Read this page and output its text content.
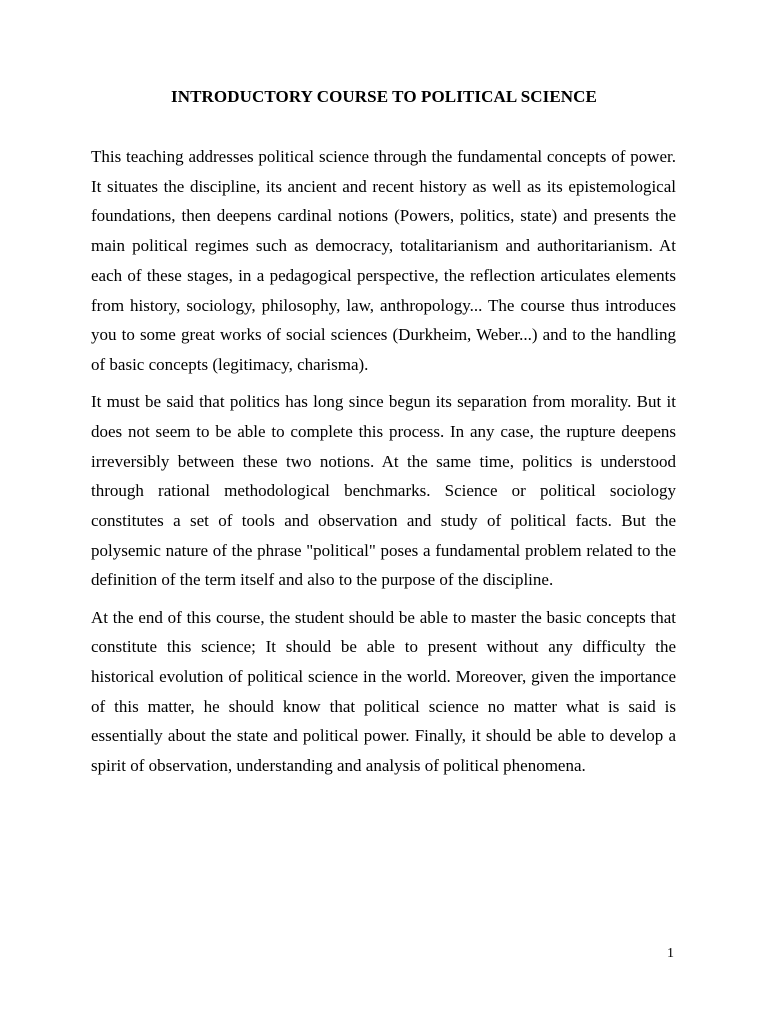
INTRODUCTORY COURSE TO POLITICAL SCIENCE

This teaching addresses political science through the fundamental concepts of power. It situates the discipline, its ancient and recent history as well as its epistemological foundations, then deepens cardinal notions (Powers, politics, state) and presents the main political regimes such as democracy, totalitarianism and authoritarianism. At each of these stages, in a pedagogical perspective, the reflection articulates elements from history, sociology, philosophy, law, anthropology... The course thus introduces you to some great works of social sciences (Durkheim, Weber...) and to the handling of basic concepts (legitimacy, charisma).

It must be said that politics has long since begun its separation from morality. But it does not seem to be able to complete this process. In any case, the rupture deepens irreversibly between these two notions. At the same time, politics is understood through rational methodological benchmarks. Science or political sociology constitutes a set of tools and observation and study of political facts. But the polysemic nature of the phrase "political" poses a fundamental problem related to the definition of the term itself and also to the purpose of the discipline.

At the end of this course, the student should be able to master the basic concepts that constitute this science; It should be able to present without any difficulty the historical evolution of political science in the world. Moreover, given the importance of this matter, he should know that political science no matter what is said is essentially about the state and political power. Finally, it should be able to develop a spirit of observation, understanding and analysis of political phenomena.

1
